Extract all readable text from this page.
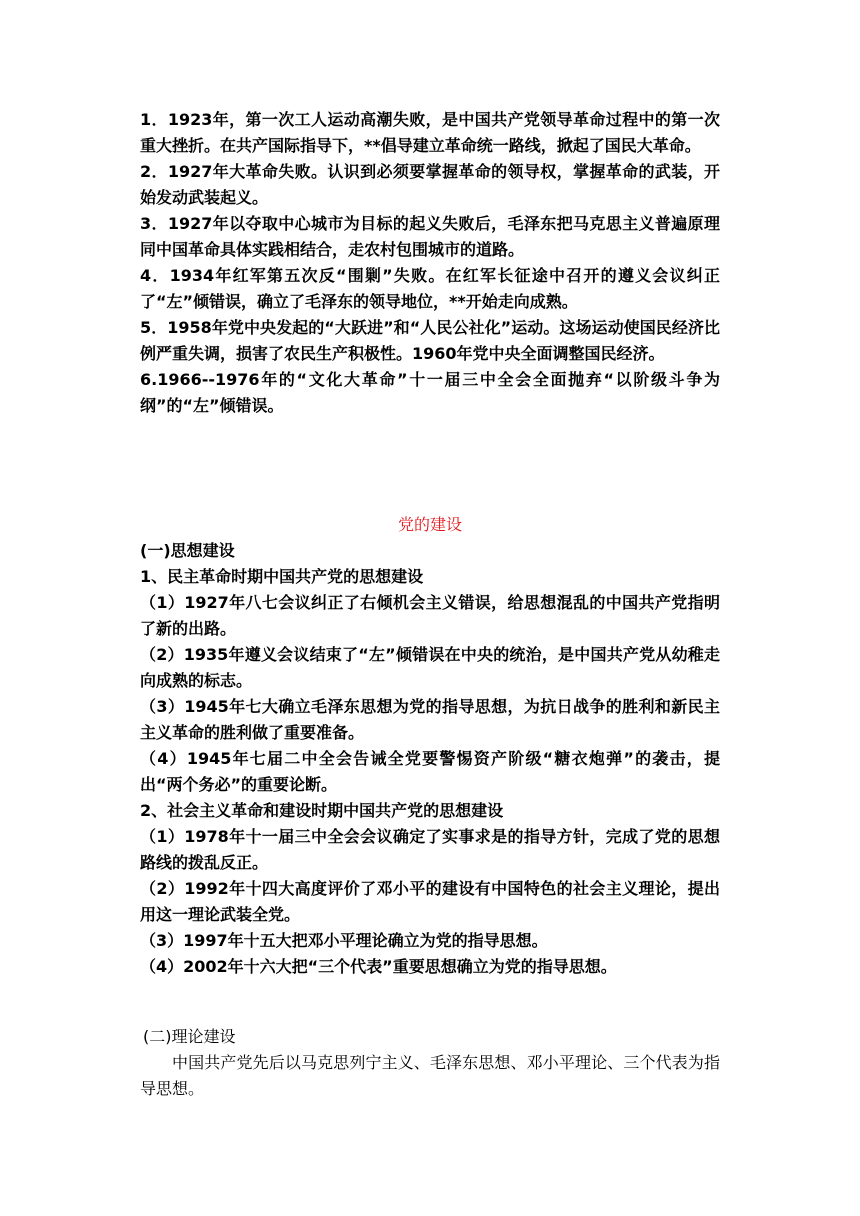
1．1923年，第一次工人运动高潮失败，是中国共产党领导革命过程中的第一次重大挫折。在共产国际指导下，**倡导建立革命统一路线，掀起了国民大革命。

2．1927年大革命失败。认识到必须要掌握革命的领导权，掌握革命的武装，开始发动武装起义。

3．1927年以夺取中心城市为目标的起义失败后，毛泽东把马克思主义普遍原理同中国革命具体实践相结合，走农村包围城市的道路。

4．1934年红军第五次反“围剿”失败。在红军长征途中召开的遵义会议纠正了“左”倾错误，确立了毛泽东的领导地位，**开始走向成熟。

5．1958年党中央发起的“大跃进”和“人民公社化”运动。这场运动使国民经济比例严重失调，损害了农民生产积极性。1960年党中央全面调整国民经济。

6.1966--1976年的“文化大革命”十一届三中全会全面抛弃“以阶级斗争为纲”的“左”倾错误。

党的建设

(一)思想建设

1、民主革命时期中国共产党的思想建设

（1）1927年八七会议纠正了右倾机会主义错误，给思想混乱的中国共产党指明了新的出路。

（2）1935年遵义会议结束了“左”倾错误在中央的统治，是中国共产党从幼稚走向成熟的标志。

（3）1945年七大确立毛泽东思想为党的指导思想，为抗日战争的胜利和新民主主义革命的胜利做了重要准备。

（4）1945年七届二中全会告诫全党要警惕资产阶级“糖衣炮弹”的袭击，提出“两个务必”的重要论断。

2、社会主义革命和建设时期中国共产党的思想建设

（1）1978年十一届三中全会会议确定了实事求是的指导方针，完成了党的思想路线的拨乱反正。

（2）1992年十四大高度评价了邓小平的建设有中国特色的社会主义理论，提出用这一理论武装全党。

（3）1997年十五大把邓小平理论确立为党的指导思想。

（4）2002年十六大把“三个代表”重要思想确立为党的指导思想。

(二)理论建设

中国共产党先后以马克思列宁主义、毛泽东思想、邓小平理论、三个代表为指导思想。
